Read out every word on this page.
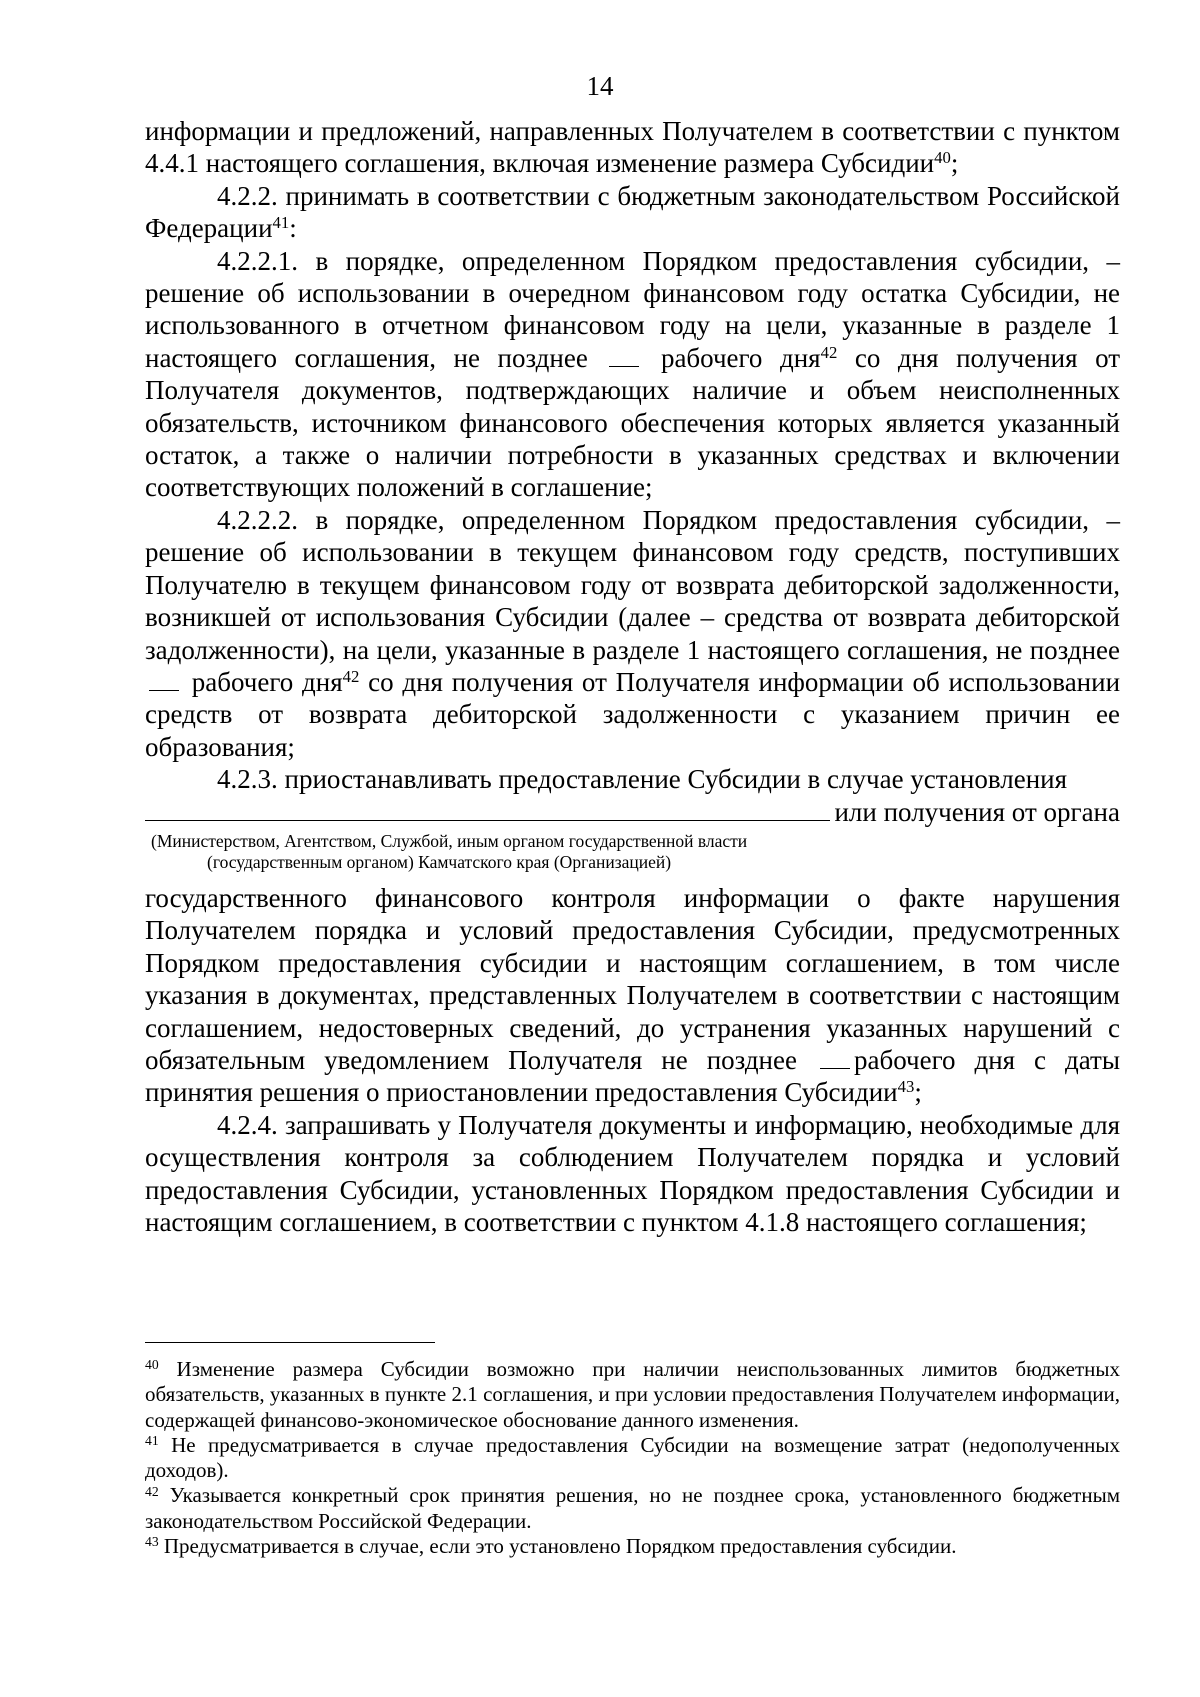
14

информации и предложений, направленных Получателем в соответствии с пунктом 4.4.1 настоящего соглашения, включая изменение размера Субсидии$^{40}$;

4.2.2. принимать в соответствии с бюджетным законодательством Российской Федерации$^{41}$:

4.2.2.1. в порядке, определенном Порядком предоставления субсидии, – решение об использовании в очередном финансовом году остатка Субсидии, не использованного в отчетном финансовом году на цели, указанные в разделе 1 настоящего соглашения, не позднее	рабочего дня$^{42}$ со дня получения от Получателя документов, подтверждающих наличие и объем неисполненных обязательств, источником финансового обеспечения которых является указанный остаток, а также о наличии потребности в указанных средствах и включении соответствующих положений в соглашение;

4.2.2.2. в порядке, определенном Порядком предоставления субсидии, – решение об использовании в текущем финансовом году средств, поступивших Получателю в текущем финансовом году от возврата дебиторской задолженности, возникшей от использования Субсидии (далее – средства от возврата дебиторской задолженности), на цели, указанные в разделе 1 настоящего соглашения, не позднее  рабочего дня$^{42}$ со дня получения от Получателя информации об использовании средств от возврата дебиторской задолженности с указанием причин ее образования;

4.2.3. приостанавливать предоставление Субсидии в случае установления

или получения от органа
(Министерством, Агентством, Службой, иным органом государственной власти
(государственным органом) Камчатского края (Организацией)

государственного финансового контроля информации о факте нарушения Получателем порядка и условий предоставления Субсидии, предусмотренных Порядком предоставления субсидии и настоящим соглашением, в том числе указания в документах, представленных Получателем в соответствии с настоящим соглашением, недостоверных сведений, до устранения указанных нарушений с обязательным уведомлением Получателя не позднее рабочего дня с даты принятия решения о приостановлении предоставления Субсидии$^{43}$;

4.2.4. запрашивать у Получателя документы и информацию, необходимые для осуществления контроля за соблюдением Получателем порядка и условий предоставления Субсидии, установленных Порядком предоставления Субсидии и настоящим соглашением, в соответствии с пунктом 4.1.8 настоящего соглашения;

$^{40}$ Изменение размера Субсидии возможно при наличии неиспользованных лимитов бюджетных обязательств, указанных в пункте 2.1 соглашения, и при условии предоставления Получателем информации, содержащей финансово-экономическое обоснование данного изменения.

$^{41}$ Не предусматривается в случае предоставления Субсидии на возмещение затрат (недополученных доходов).

$^{42}$ Указывается конкретный срок принятия решения, но не позднее срока, установленного бюджетным законодательством Российской Федерации.

$^{43}$ Предусматривается в случае, если это установлено Порядком предоставления субсидии.
